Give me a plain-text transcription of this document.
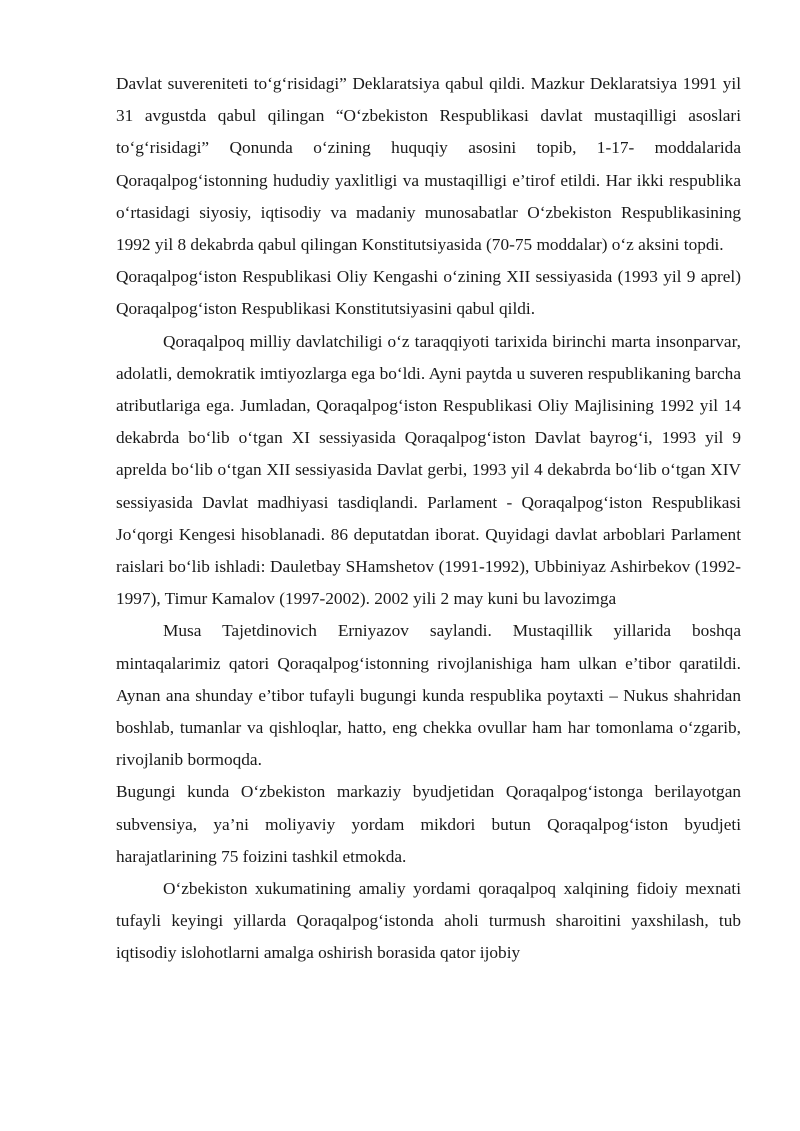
Davlat suvereniteti to‘g‘risidagi” Deklaratsiya qabul qildi. Mazkur Deklaratsiya 1991 yil 31 avgustda qabul qilingan “O‘zbekiston Respublikasi davlat mustaqilligi asoslari to‘g‘risidagi” Qonunda o‘zining huquqiy asosini topib, 1-17- moddalarida Qoraqalpog‘istonning hududiy yaxlitligi va mustaqilligi e’tirof etildi. Har ikki respublika o‘rtasidagi siyosiy, iqtisodiy va madaniy munosabatlar O‘zbekiston Respublikasining 1992 yil 8 dekabrda qabul qilingan Konstitutsiyasida (70-75 moddalar) o‘z aksini topdi.

Qoraqalpog‘iston Respublikasi Oliy Kengashi o‘zining XII sessiyasida (1993 yil 9 aprel) Qoraqalpog‘iston Respublikasi Konstitutsiyasini qabul qildi.

Qoraqalpoq milliy davlatchiligi o‘z taraqqiyoti tarixida birinchi marta insonparvar, adolatli, demokratik imtiyozlarga ega bo‘ldi. Ayni paytda u suveren respublikaning barcha atributlariga ega. Jumladan, Qoraqalpog‘iston Respublikasi Oliy Majlisining 1992 yil 14 dekabrda bo‘lib o‘tgan XI sessiyasida Qoraqalpog‘iston Davlat bayrog‘i, 1993 yil 9 aprelda bo‘lib o‘tgan XII sessiyasida Davlat gerbi, 1993 yil 4 dekabrda bo‘lib o‘tgan XIV sessiyasida Davlat madhiyasi tasdiqlandi. Parlament - Qoraqalpog‘iston Respublikasi Jo‘qorgi Kengesi hisoblanadi. 86 deputatdan iborat. Quyidagi davlat arboblari Parlament raislari bo‘lib ishladi: Dauletbay SHamshetov (1991-1992), Ubbiniyaz Ashirbekov (1992-1997), Timur Kamalov (1997-2002). 2002 yili 2 may kuni bu lavozimga

Musa Tajetdinovich Erniyazov saylandi. Mustaqillik yillarida boshqa mintaqalarimiz qatori Qoraqalpog‘istonning rivojlanishiga ham ulkan e’tibor qaratildi. Aynan ana shunday e’tibor tufayli bugungi kunda respublika poytaxti – Nukus shahridan boshlab, tumanlar va qishloqlar, hatto, eng chekka ovullar ham har tomonlama o‘zgarib, rivojlanib bormoqda.

Bugungi kunda O‘zbekiston markaziy byudjetidan Qoraqalpog‘istonga berilayotgan subvensiya, ya’ni moliyaviy yordam mikdori butun Qoraqalpog‘iston byudjeti harajatlarining 75 foizini tashkil etmokda.

O‘zbekiston xukumatining amaliy yordami qoraqalpoq xalqining fidoiy mexnati tufayli keyingi yillarda Qoraqalpog‘istonda aholi turmush sharoitini yaxshilash, tub iqtisodiy islohotlarni amalga oshirish borasida qator ijobiy
